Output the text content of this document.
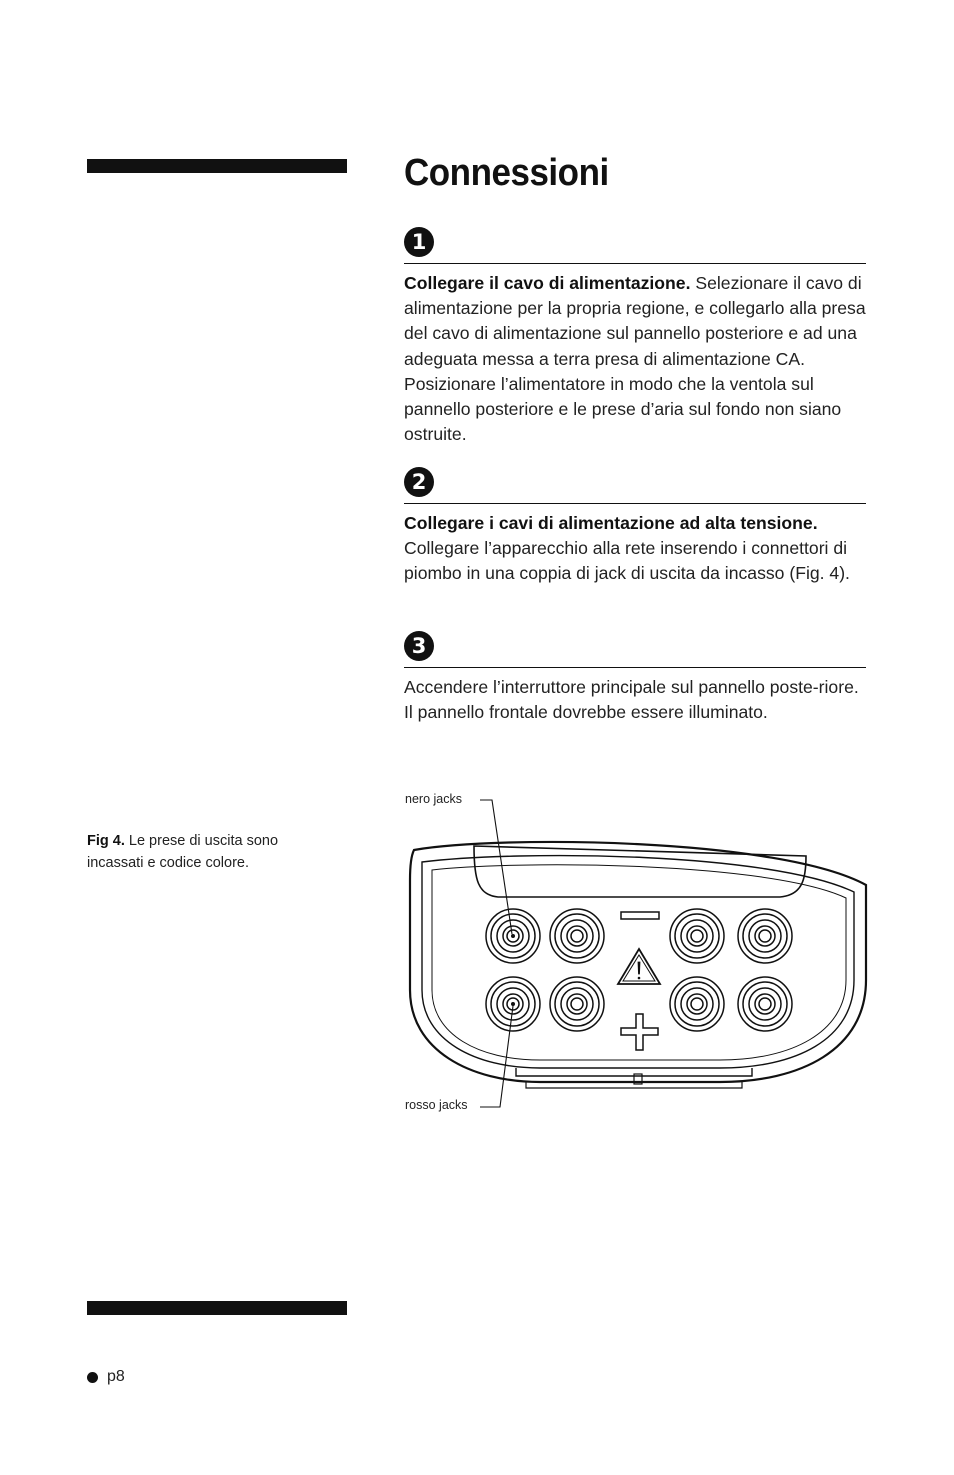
Connessioni
1

Collegare il cavo di alimentazione. Selezionare il cavo di alimentazione per la propria regione, e collegarlo alla presa del cavo di alimentazione sul pannello posteriore e ad una adeguata messa a terra presa di alimentazione CA. Posizionare l’alimentatore in modo che la ventola sul pannello posteriore e le prese d’aria sul fondo non siano ostruite.

2

Collegare i cavi di alimentazione ad alta tensione. Collegare l’apparecchio alla rete inserendo i connettori di piombo in una coppia di jack di uscita da incasso (Fig. 4).

3

Accendere l’interruttore principale sul pannello poste-riore. Il pannello frontale dovrebbe essere illuminato.

Fig 4. Le prese di uscita sono incassati e codice colore.

nero jacks
rosso jacks
p8
